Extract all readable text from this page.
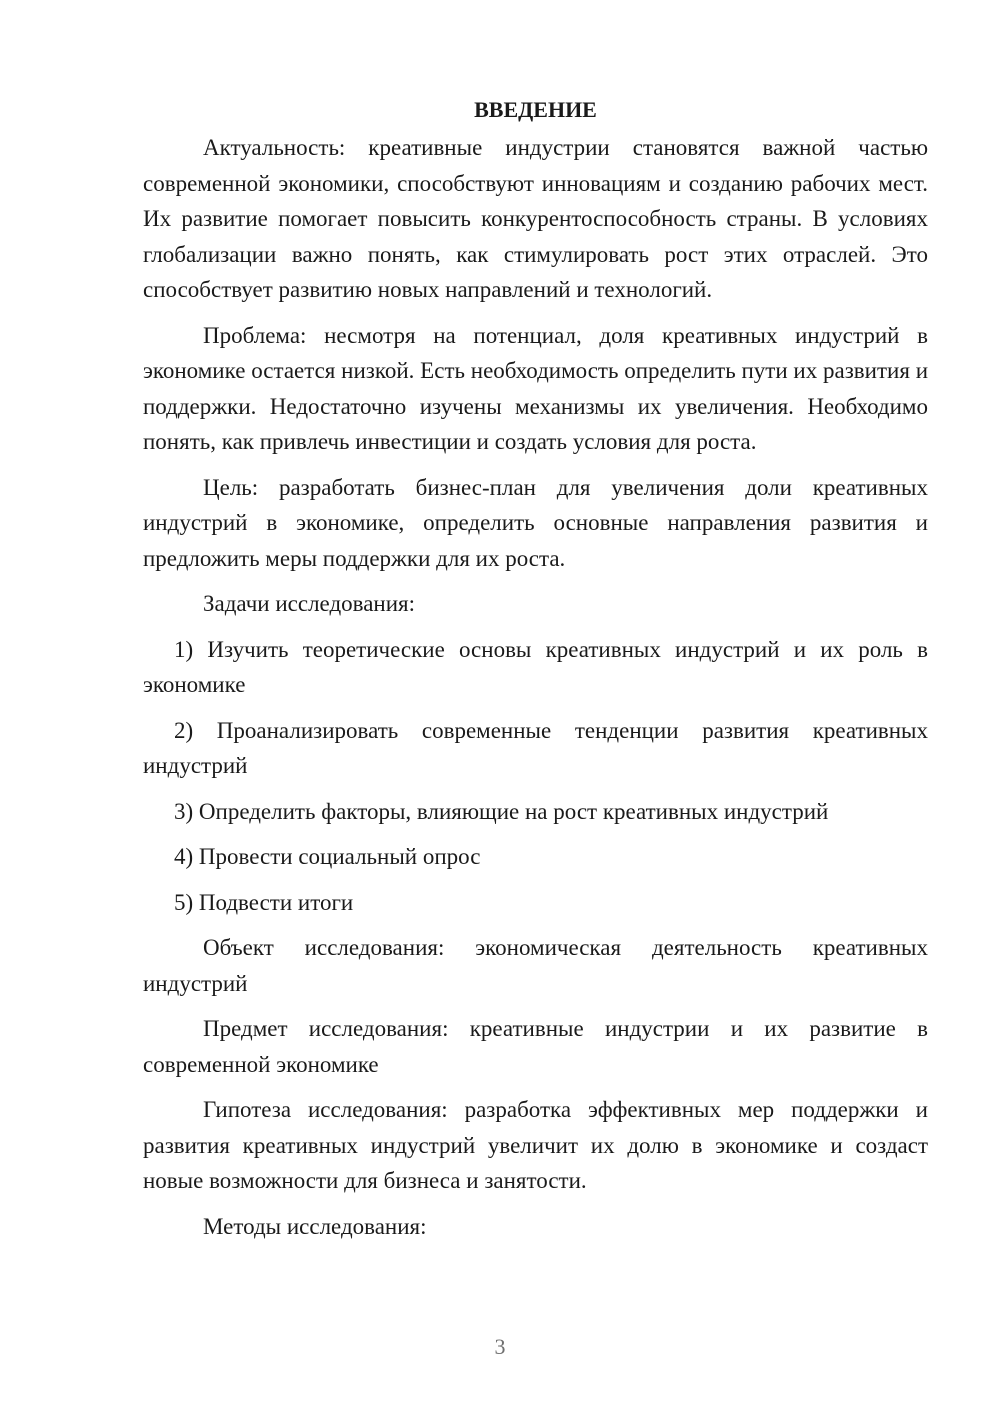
ВВЕДЕНИЕ

Актуальность: креативные индустрии становятся важной частью современной экономики, способствуют инновациям и созданию рабочих мест. Их развитие помогает повысить конкурентоспособность страны. В условиях глобализации важно понять, как стимулировать рост этих отраслей. Это способствует развитию новых направлений и технологий.

Проблема: несмотря на потенциал, доля креативных индустрий в экономике остается низкой. Есть необходимость определить пути их развития и поддержки. Недостаточно изучены механизмы их увеличения. Необходимо понять, как привлечь инвестиции и создать условия для роста.

Цель: разработать бизнес-план для увеличения доли креативных индустрий в экономике, определить основные направления развития и предложить меры поддержки для их роста.

Задачи исследования:

1) Изучить теоретические основы креативных индустрий и их роль в экономике

2) Проанализировать современные тенденции развития креативных индустрий

3) Определить факторы, влияющие на рост креативных индустрий

4) Провести социальный опрос

5) Подвести итоги

Объект исследования: экономическая деятельность креативных индустрий

Предмет исследования: креативные индустрии и их развитие в современной экономике

Гипотеза исследования: разработка эффективных мер поддержки и развития креативных индустрий увеличит их долю в экономике и создаст новые возможности для бизнеса и занятости.

Методы исследования:

3
